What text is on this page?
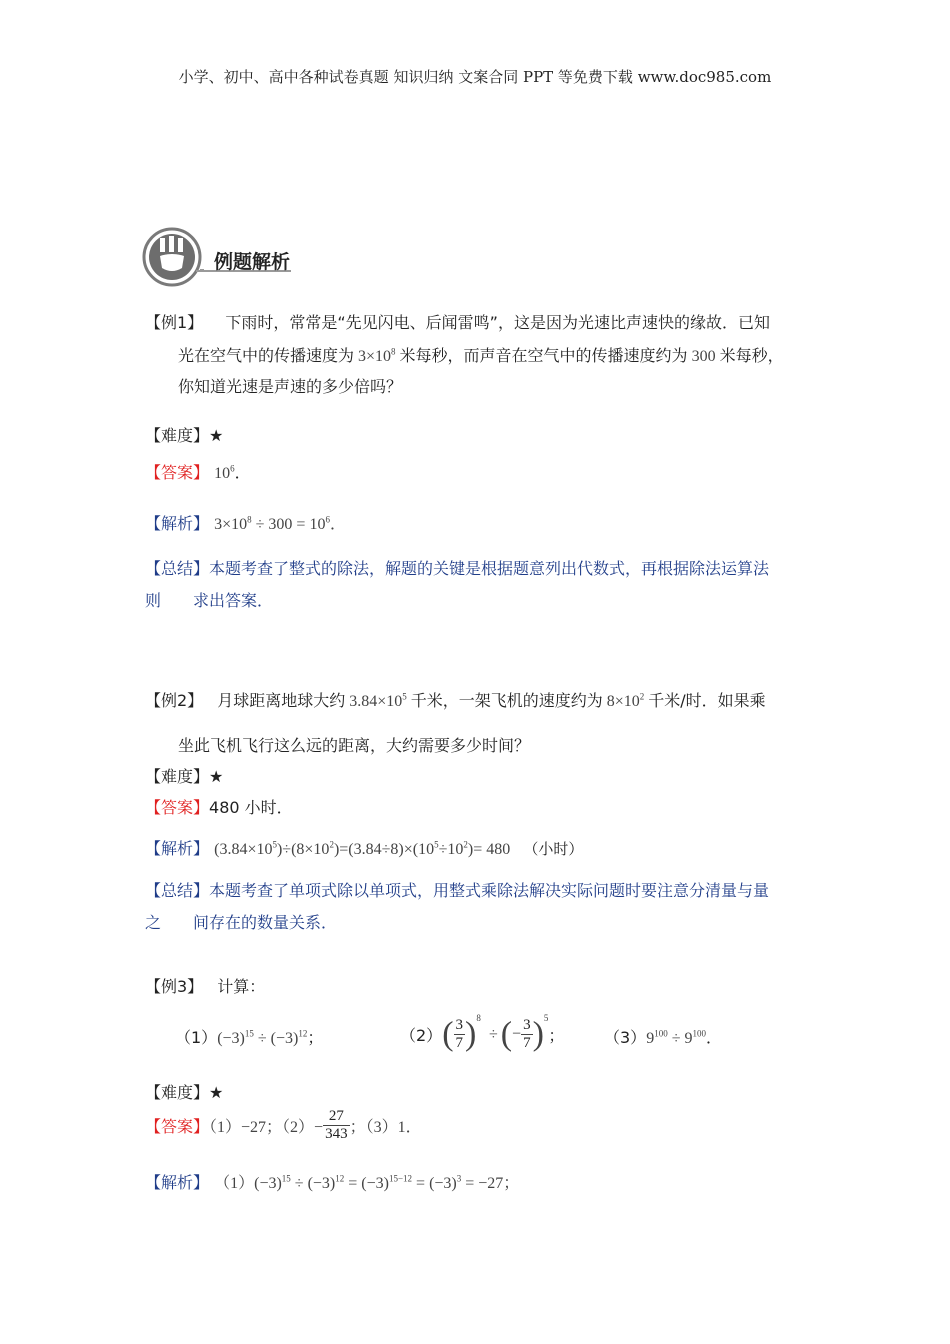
小学、初中、高中各种试卷真题 知识归纳 文案合同 PPT 等免费下载 www.doc985.com
例题解析
【例1】 下雨时，常常是“先见闪电、后闻雷鸣”，这是因为光速比声速快的缘故．已知
光在空气中的传播速度为 $3\times 10^8$ 米每秒，而声音在空气中的传播速度约为 300 米每秒，
你知道光速是声速的多少倍吗？
【难度】★
【答案】 $10^6$．
【解析】 $3\times 10^8 \div 300 = 10^6$．
【总结】本题考查了整式的除法，解题的关键是根据题意列出代数式，再根据除法运算法
则 求出答案．
【例2】 月球距离地球大约 $3.84\times 10^5$ 千米，一架飞机的速度约为 $8\times 10^2$ 千米/时．如果乘
坐此飞机飞行这么远的距离，大约需要多少时间？
【难度】★
【答案】480 小时．
【解析】 $(3.84\times 10^5)\div(8\times 10^2)=(3.84\div 8)\times(10^5\div 10^2)= 480$ （小时）
【总结】本题考查了单项式除以单项式，用整式乘除法解决实际问题时要注意分清量与量
之 间存在的数量关系．
【例3】 计算：
$(1)(-3)^{15} \div (-3)^{12}$；	$(2)( \frac{3}{7} )^8$ ÷(− $\frac{3}{7} )^5$； $(3)9^{100} \div 9^{100}$．
【难度】★
【答案】（1）−27；$(2)- \frac{27}{343}$ ；（3）1．
【解析】 $(1)(-3)^{15} \div (-3)^{12} = (-3)^{15-12} = (-3)^3 = -27$；
